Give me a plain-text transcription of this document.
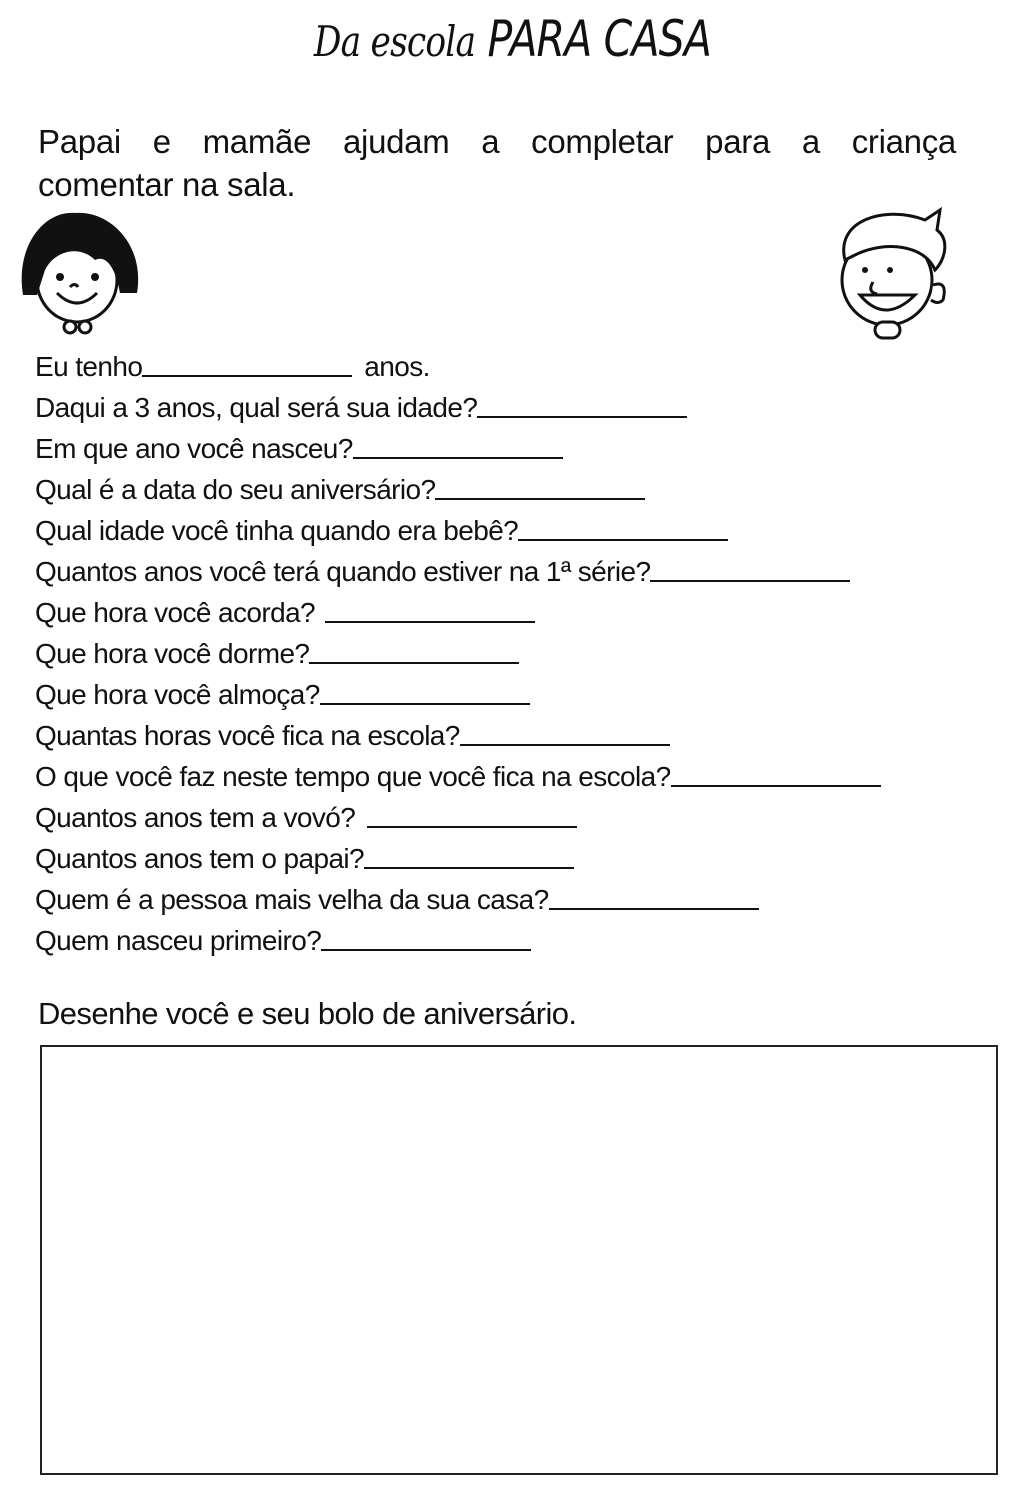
Da escola PARA CASA
Papai e mamãe ajudam a completar para a criança
comentar na sala.
Eu tenho	anos.
Daqui a 3 anos, qual será sua idade?
Em que ano você nasceu?
Qual é a data do seu aniversário?
Qual idade você tinha quando era bebê?
Quantos anos você terá quando estiver na 1ª série?
Que hora você acorda?
Que hora você dorme?
Que hora você almoça?
Quantas horas você fica na escola?
O que você faz neste tempo que você fica na escola?
Quantos anos tem a vovó?
Quantos anos tem o papai?
Quem é a pessoa mais velha da sua casa?
Quem nasceu primeiro?
Desenhe você e seu bolo de aniversário.
